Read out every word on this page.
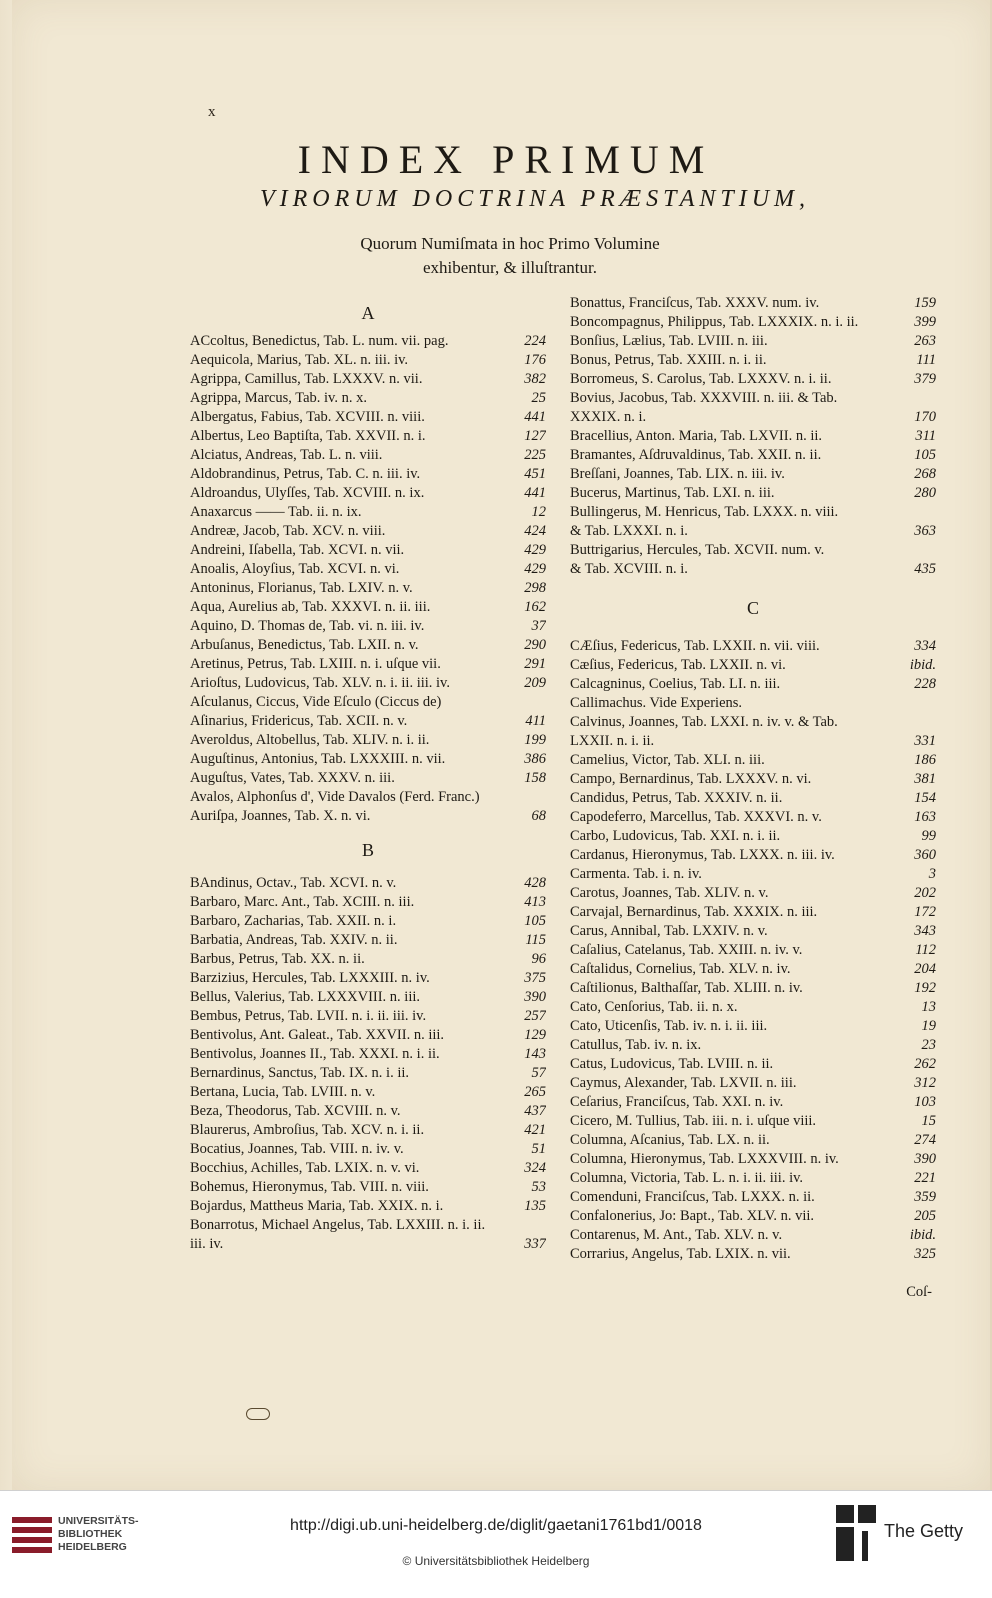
x
INDEX PRIMUM
VIRORUM DOCTRINA PRÆSTANTIUM,
Quorum Numiſmata in hoc Primo Volumine
exhibentur, & illuſtrantur.
A
ACcoltus, Benedictus, Tab. L. num. vii. pag.	224
Aequicola, Marius, Tab. XL. n. iii. iv.	176
Agrippa, Camillus, Tab. LXXXV. n. vii.	382
Agrippa, Marcus, Tab. iv. n. x.	25
Albergatus, Fabius, Tab. XCVIII. n. viii.	441
Albertus, Leo Baptiſta, Tab. XXVII. n. i.	127
Alciatus, Andreas, Tab. L. n. viii.	225
Aldobrandinus, Petrus, Tab. C. n. iii. iv.	451
Aldroandus, Ulyſſes, Tab. XCVIII. n. ix.	441
Anaxarcus —— Tab. ii. n. ix.	12
Andreæ, Jacob, Tab. XCV. n. viii.	424
Andreini, Iſabella, Tab. XCVI. n. vii.	429
Anoalis, Aloyſius, Tab. XCVI. n. vi.	429
Antoninus, Florianus, Tab. LXIV. n. v.	298
Aqua, Aurelius ab, Tab. XXXVI. n. ii. iii.	162
Aquino, D. Thomas de, Tab. vi. n. iii. iv.	37
Arbuſanus, Benedictus, Tab. LXII. n. v.	290
Aretinus, Petrus, Tab. LXIII. n. i. uſque vii.	291
Arioſtus, Ludovicus, Tab. XLV. n. i. ii. iii. iv.	209
Aſculanus, Ciccus, Vide Eſculo (Ciccus de)
Aſinarius, Fridericus, Tab. XCII. n. v.	411
Averoldus, Altobellus, Tab. XLIV. n. i. ii.	199
Auguſtinus, Antonius, Tab. LXXXIII. n. vii.	386
Auguſtus, Vates, Tab. XXXV. n. iii.	158
Avalos, Alphonſus d', Vide Davalos (Ferd. Franc.)
Auriſpa, Joannes, Tab. X. n. vi.	68
B
BAndinus, Octav., Tab. XCVI. n. v.	428
Barbaro, Marc. Ant., Tab. XCIII. n. iii.	413
Barbaro, Zacharias, Tab. XXII. n. i.	105
Barbatia, Andreas, Tab. XXIV. n. ii.	115
Barbus, Petrus, Tab. XX. n. ii.	96
Barzizius, Hercules, Tab. LXXXIII. n. iv.	375
Bellus, Valerius, Tab. LXXXVIII. n. iii.	390
Bembus, Petrus, Tab. LVII. n. i. ii. iii. iv.	257
Bentivolus, Ant. Galeat., Tab. XXVII. n. iii.	129
Bentivolus, Joannes II., Tab. XXXI. n. i. ii.	143
Bernardinus, Sanctus, Tab. IX. n. i. ii.	57
Bertana, Lucia, Tab. LVIII. n. v.	265
Beza, Theodorus, Tab. XCVIII. n. v.	437
Blaurerus, Ambroſius, Tab. XCV. n. i. ii.	421
Bocatius, Joannes, Tab. VIII. n. iv. v.	51
Bocchius, Achilles, Tab. LXIX. n. v. vi.	324
Bohemus, Hieronymus, Tab. VIII. n. viii.	53
Bojardus, Mattheus Maria, Tab. XXIX. n. i.	135
Bonarrotus, Michael Angelus, Tab. LXXIII. n. i. ii.
iii. iv.	337
Bonattus, Franciſcus, Tab. XXXV. num. iv.	159
Boncompagnus, Philippus, Tab. LXXXIX. n. i. ii.	399
Bonſius, Lælius, Tab. LVIII. n. iii.	263
Bonus, Petrus, Tab. XXIII. n. i. ii.	111
Borromeus, S. Carolus, Tab. LXXXV. n. i. ii.	379
Bovius, Jacobus, Tab. XXXVIII. n. iii. & Tab.
XXXIX. n. i.	170
Bracellius, Anton. Maria, Tab. LXVII. n. ii.	311
Bramantes, Aſdruvaldinus, Tab. XXII. n. ii.	105
Breſſani, Joannes, Tab. LIX. n. iii. iv.	268
Bucerus, Martinus, Tab. LXI. n. iii.	280
Bullingerus, M. Henricus, Tab. LXXX. n. viii.
& Tab. LXXXI. n. i.	363
Buttrigarius, Hercules, Tab. XCVII. num. v.
& Tab. XCVIII. n. i.	435
C
CÆſius, Federicus, Tab. LXXII. n. vii. viii.	334
Cæſius, Federicus, Tab. LXXII. n. vi.	ibid.
Calcagninus, Coelius, Tab. LI. n. iii.	228
Callimachus. Vide Experiens.
Calvinus, Joannes, Tab. LXXI. n. iv. v. & Tab.
LXXII. n. i. ii.	331
Camelius, Victor, Tab. XLI. n. iii.	186
Campo, Bernardinus, Tab. LXXXV. n. vi.	381
Candidus, Petrus, Tab. XXXIV. n. ii.	154
Capodeferro, Marcellus, Tab. XXXVI. n. v.	163
Carbo, Ludovicus, Tab. XXI. n. i. ii.	99
Cardanus, Hieronymus, Tab. LXXX. n. iii. iv.	360
Carmenta. Tab. i. n. iv.	3
Carotus, Joannes, Tab. XLIV. n. v.	202
Carvajal, Bernardinus, Tab. XXXIX. n. iii.	172
Carus, Annibal, Tab. LXXIV. n. v.	343
Caſalius, Catelanus, Tab. XXIII. n. iv. v.	112
Caſtalidus, Cornelius, Tab. XLV. n. iv.	204
Caſtilionus, Balthaſſar, Tab. XLIII. n. iv.	192
Cato, Cenſorius, Tab. ii. n. x.	13
Cato, Uticenſis, Tab. iv. n. i. ii. iii.	19
Catullus, Tab. iv. n. ix.	23
Catus, Ludovicus, Tab. LVIII. n. ii.	262
Caymus, Alexander, Tab. LXVII. n. iii.	312
Ceſarius, Franciſcus, Tab. XXI. n. iv.	103
Cicero, M. Tullius, Tab. iii. n. i. uſque viii.	15
Columna, Aſcanius, Tab. LX. n. ii.	274
Columna, Hieronymus, Tab. LXXXVIII. n. iv.	390
Columna, Victoria, Tab. L. n. i. ii. iii. iv.	221
Comenduni, Franciſcus, Tab. LXXX. n. ii.	359
Confalonerius, Jo: Bapt., Tab. XLV. n. vii.	205
Contarenus, M. Ant., Tab. XLV. n. v.	ibid.
Corrarius, Angelus, Tab. LXIX. n. vii.	325
Coſ-
UNIVERSITÄTS-
BIBLIOTHEK
HEIDELBERG
http://digi.ub.uni-heidelberg.de/diglit/gaetani1761bd1/0018
© Universitätsbibliothek Heidelberg
The Getty
